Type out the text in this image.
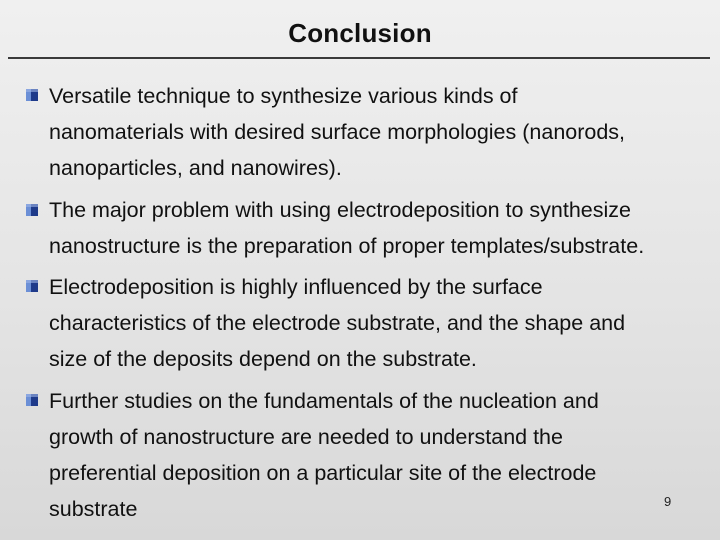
Conclusion
Versatile technique to synthesize various kinds of
nanomaterials with desired surface morphologies (nanorods,
nanoparticles, and nanowires).
The major problem with using electrodeposition to synthesize
nanostructure is the preparation of proper templates/substrate.
Electrodeposition is highly influenced by the surface
characteristics of the electrode substrate, and the shape and
size of the deposits depend on the substrate.
Further studies on the fundamentals of the nucleation and
growth of nanostructure are needed to understand the
preferential deposition on a particular site of the electrode
substrate	9
